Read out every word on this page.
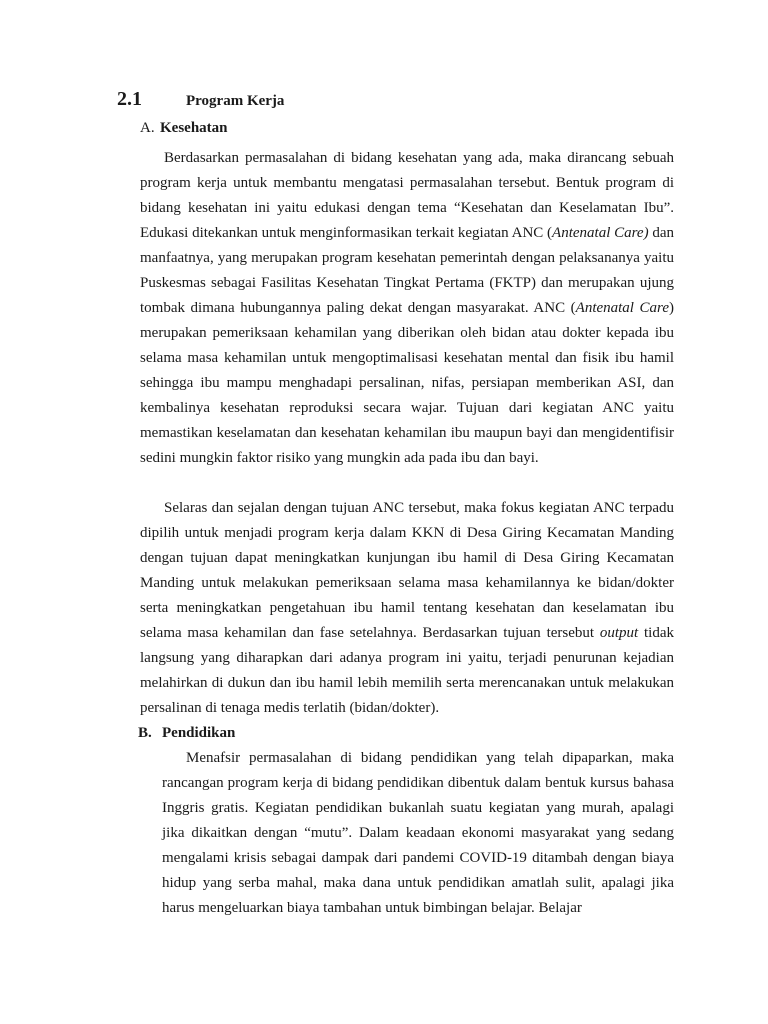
2.1	Program Kerja
A. Kesehatan

Berdasarkan permasalahan di bidang kesehatan yang ada, maka dirancang sebuah program kerja untuk membantu mengatasi permasalahan tersebut. Bentuk program di bidang kesehatan ini yaitu edukasi dengan tema “Kesehatan dan Keselamatan Ibu”. Edukasi ditekankan untuk menginformasikan terkait kegiatan ANC (Antenatal Care) dan manfaatnya, yang merupakan program kesehatan pemerintah dengan pelaksananya yaitu Puskesmas sebagai Fasilitas Kesehatan Tingkat Pertama (FKTP) dan merupakan ujung tombak dimana hubungannya paling dekat dengan masyarakat. ANC (Antenatal Care) merupakan pemeriksaan kehamilan yang diberikan oleh bidan atau dokter kepada ibu selama masa kehamilan untuk mengoptimalisasi kesehatan mental dan fisik ibu hamil sehingga ibu mampu menghadapi persalinan, nifas, persiapan memberikan ASI, dan kembalinya kesehatan reproduksi secara wajar. Tujuan dari kegiatan ANC yaitu memastikan keselamatan dan kesehatan kehamilan ibu maupun bayi dan mengidentifisir sedini mungkin faktor risiko yang mungkin ada pada ibu dan bayi.

Selaras dan sejalan dengan tujuan ANC tersebut, maka fokus kegiatan ANC terpadu dipilih untuk menjadi program kerja dalam KKN di Desa Giring Kecamatan Manding dengan tujuan dapat meningkatkan kunjungan ibu hamil di Desa Giring Kecamatan Manding untuk melakukan pemeriksaan selama masa kehamilannya ke bidan/dokter serta meningkatkan pengetahuan ibu hamil tentang kesehatan dan keselamatan ibu selama masa kehamilan dan fase setelahnya. Berdasarkan tujuan tersebut output tidak langsung yang diharapkan dari adanya program ini yaitu, terjadi penurunan kejadian melahirkan di dukun dan ibu hamil lebih memilih serta merencanakan untuk melakukan persalinan di tenaga medis terlatih (bidan/dokter).

B. Pendidikan

Menafsir permasalahan di bidang pendidikan yang telah dipaparkan, maka rancangan program kerja di bidang pendidikan dibentuk dalam bentuk kursus bahasa Inggris gratis. Kegiatan pendidikan bukanlah suatu kegiatan yang murah, apalagi jika dikaitkan dengan “mutu”. Dalam keadaan ekonomi masyarakat yang sedang mengalami krisis sebagai dampak dari pandemi COVID-19 ditambah dengan biaya hidup yang serba mahal, maka dana untuk pendidikan amatlah sulit, apalagi jika harus mengeluarkan biaya tambahan untuk bimbingan belajar. Belajar
